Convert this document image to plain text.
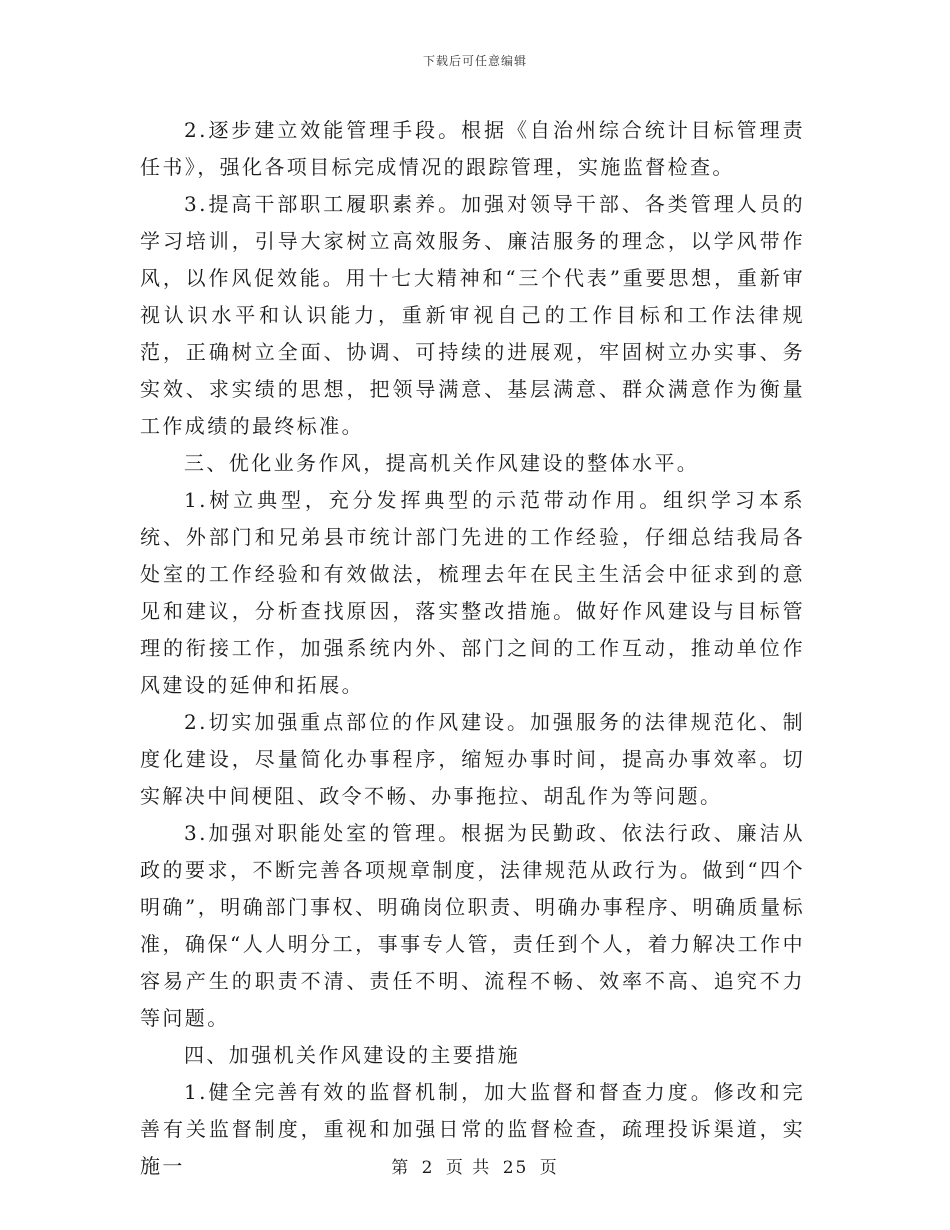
下载后可任意编辑

2.逐步建立效能管理手段。根据《自治州综合统计目标管理责任书》，强化各项目标完成情况的跟踪管理，实施监督检查。

3.提高干部职工履职素养。加强对领导干部、各类管理人员的学习培训，引导大家树立高效服务、廉洁服务的理念，以学风带作风，以作风促效能。用十七大精神和“三个代表”重要思想，重新审视认识水平和认识能力，重新审视自己的工作目标和工作法律规范，正确树立全面、协调、可持续的进展观，牢固树立办实事、务实效、求实绩的思想，把领导满意、基层满意、群众满意作为衡量工作成绩的最终标准。

三、优化业务作风，提高机关作风建设的整体水平。

1.树立典型，充分发挥典型的示范带动作用。组织学习本系统、外部门和兄弟县市统计部门先进的工作经验，仔细总结我局各处室的工作经验和有效做法，梳理去年在民主生活会中征求到的意见和建议，分析查找原因，落实整改措施。做好作风建设与目标管理的衔接工作，加强系统内外、部门之间的工作互动，推动单位作风建设的延伸和拓展。

2.切实加强重点部位的作风建设。加强服务的法律规范化、制度化建设，尽量简化办事程序，缩短办事时间，提高办事效率。切实解决中间梗阻、政令不畅、办事拖拉、胡乱作为等问题。

3.加强对职能处室的管理。根据为民勤政、依法行政、廉洁从政的要求，不断完善各项规章制度，法律规范从政行为。做到“四个明确”，明确部门事权、明确岗位职责、明确办事程序、明确质量标准，确保“人人明分工，事事专人管，责任到个人，着力解决工作中容易产生的职责不清、责任不明、流程不畅、效率不高、追究不力等问题。

四、加强机关作风建设的主要措施

1.健全完善有效的监督机制，加大监督和督查力度。修改和完善有关监督制度，重视和加强日常的监督检查，疏理投诉渠道，实施一	第 2 页 共 25 页
